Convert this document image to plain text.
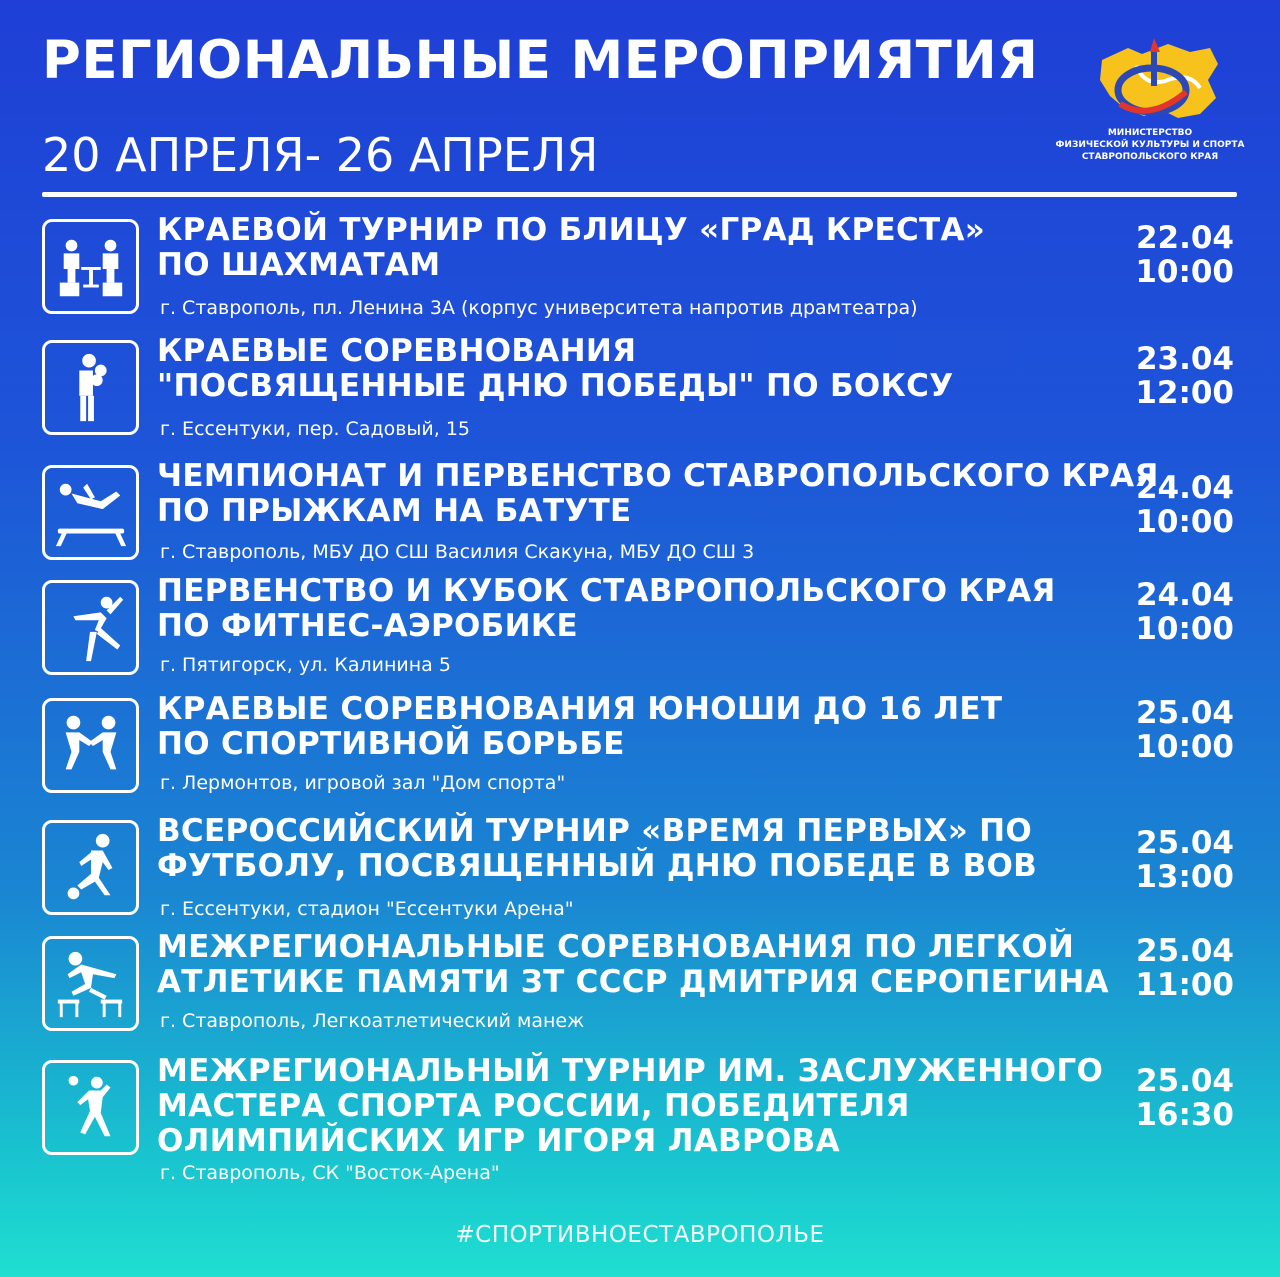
РЕГИОНАЛЬНЫЕ МЕРОПРИЯТИЯ
20 АПРЕЛЯ- 26 АПРЕЛЯ	МИНИСТЕРСТВО
ФИЗИЧЕСКОЙ КУЛЬТУРЫ И СПОРТА
СТАВРОПОЛЬСКОГО КРАЯ
КРАЕВОЙ ТУРНИР ПО БЛИЦУ «ГРАД КРЕСТА»
ПО ШАХМАТАМ
г. Ставрополь, пл. Ленина 3А (корпус университета напротив драмтеатра)
22.04
10:00
КРАЕВЫЕ СОРЕВНОВАНИЯ
"ПОСВЯЩЕННЫЕ ДНЮ ПОБЕДЫ" ПО БОКСУ
г. Ессентуки, пер. Садовый, 15
23.04
12:00
ЧЕМПИОНАТ И ПЕРВЕНСТВО СТАВРОПОЛЬСКОГО КРАЯ
ПО ПРЫЖКАМ НА БАТУТЕ
г. Ставрополь, МБУ ДО СШ Василия Скакуна, МБУ ДО СШ 3
24.04
10:00
ПЕРВЕНСТВО И КУБОК СТАВРОПОЛЬСКОГО КРАЯ
ПО ФИТНЕС-АЭРОБИКЕ
г. Пятигорск, ул. Калинина 5
24.04
10:00
КРАЕВЫЕ СОРЕВНОВАНИЯ ЮНОШИ ДО 16 ЛЕТ
ПО СПОРТИВНОЙ БОРЬБЕ
г. Лермонтов, игровой зал "Дом спорта"
25.04
10:00
ВСЕРОССИЙСКИЙ ТУРНИР «ВРЕМЯ ПЕРВЫХ» ПО
ФУТБОЛУ, ПОСВЯЩЕННЫЙ ДНЮ ПОБЕДЕ В ВОВ
г. Ессентуки, стадион "Ессентуки Арена"
25.04
13:00
МЕЖРЕГИОНАЛЬНЫЕ СОРЕВНОВАНИЯ ПО ЛЕГКОЙ
АТЛЕТИКЕ ПАМЯТИ ЗТ СССР ДМИТРИЯ СЕРОПЕГИНА
г. Ставрополь, Легкоатлетический манеж
25.04
11:00
МЕЖРЕГИОНАЛЬНЫЙ ТУРНИР ИМ. ЗАСЛУЖЕННОГО
МАСТЕРА СПОРТА РОССИИ, ПОБЕДИТЕЛЯ
ОЛИМПИЙСКИХ ИГР ИГОРЯ ЛАВРОВА
г. Ставрополь, СК "Восток-Арена"
25.04
16:30
#СПОРТИВНОЕСТАВРОПОЛЬЕ
